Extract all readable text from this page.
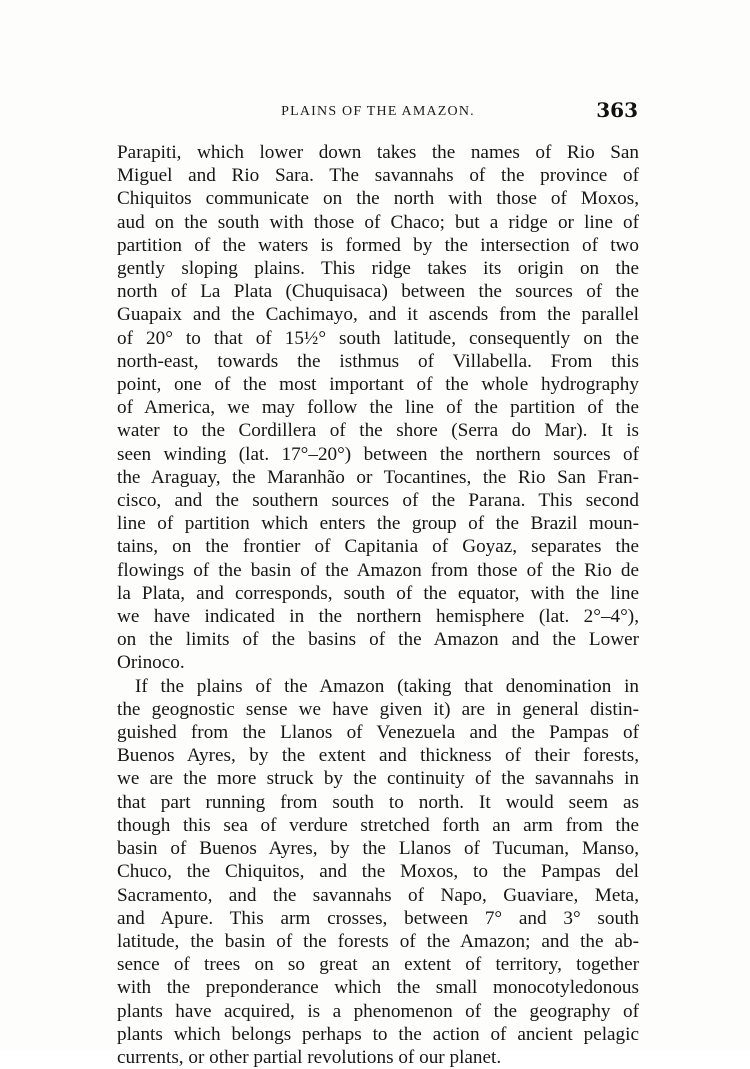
PLAINS OF THE AMAZON.	363
Parapiti, which lower down takes the names of Rio San
Miguel and Rio Sara. The savannahs of the province of
Chiquitos communicate on the north with those of Moxos,
aud on the south with those of Chaco; but a ridge or line of
partition of the waters is formed by the intersection of two
gently sloping plains. This ridge takes its origin on the
north of La Plata (Chuquisaca) between the sources of the
Guapaix and the Cachimayo, and it ascends from the parallel
of 20° to that of 15½° south latitude, consequently on the
north-east, towards the isthmus of Villabella. From this
point, one of the most important of the whole hydrography
of America, we may follow the line of the partition of the
water to the Cordillera of the shore (Serra do Mar). It is
seen winding (lat. 17°–20°) between the northern sources of
the Araguay, the Maranhão or Tocantines, the Rio San Fran-
cisco, and the southern sources of the Parana. This second
line of partition which enters the group of the Brazil moun-
tains, on the frontier of Capitania of Goyaz, separates the
flowings of the basin of the Amazon from those of the Rio de
la Plata, and corresponds, south of the equator, with the line
we have indicated in the northern hemisphere (lat. 2°–4°),
on the limits of the basins of the Amazon and the Lower
Orinoco.
If the plains of the Amazon (taking that denomination in
the geognostic sense we have given it) are in general distin-
guished from the Llanos of Venezuela and the Pampas of
Buenos Ayres, by the extent and thickness of their forests,
we are the more struck by the continuity of the savannahs in
that part running from south to north. It would seem as
though this sea of verdure stretched forth an arm from the
basin of Buenos Ayres, by the Llanos of Tucuman, Manso,
Chuco, the Chiquitos, and the Moxos, to the Pampas del
Sacramento, and the savannahs of Napo, Guaviare, Meta,
and Apure. This arm crosses, between 7° and 3° south
latitude, the basin of the forests of the Amazon; and the ab-
sence of trees on so great an extent of territory, together
with the preponderance which the small monocotyledonous
plants have acquired, is a phenomenon of the geography of
plants which belongs perhaps to the action of ancient pelagic
currents, or other partial revolutions of our planet.
